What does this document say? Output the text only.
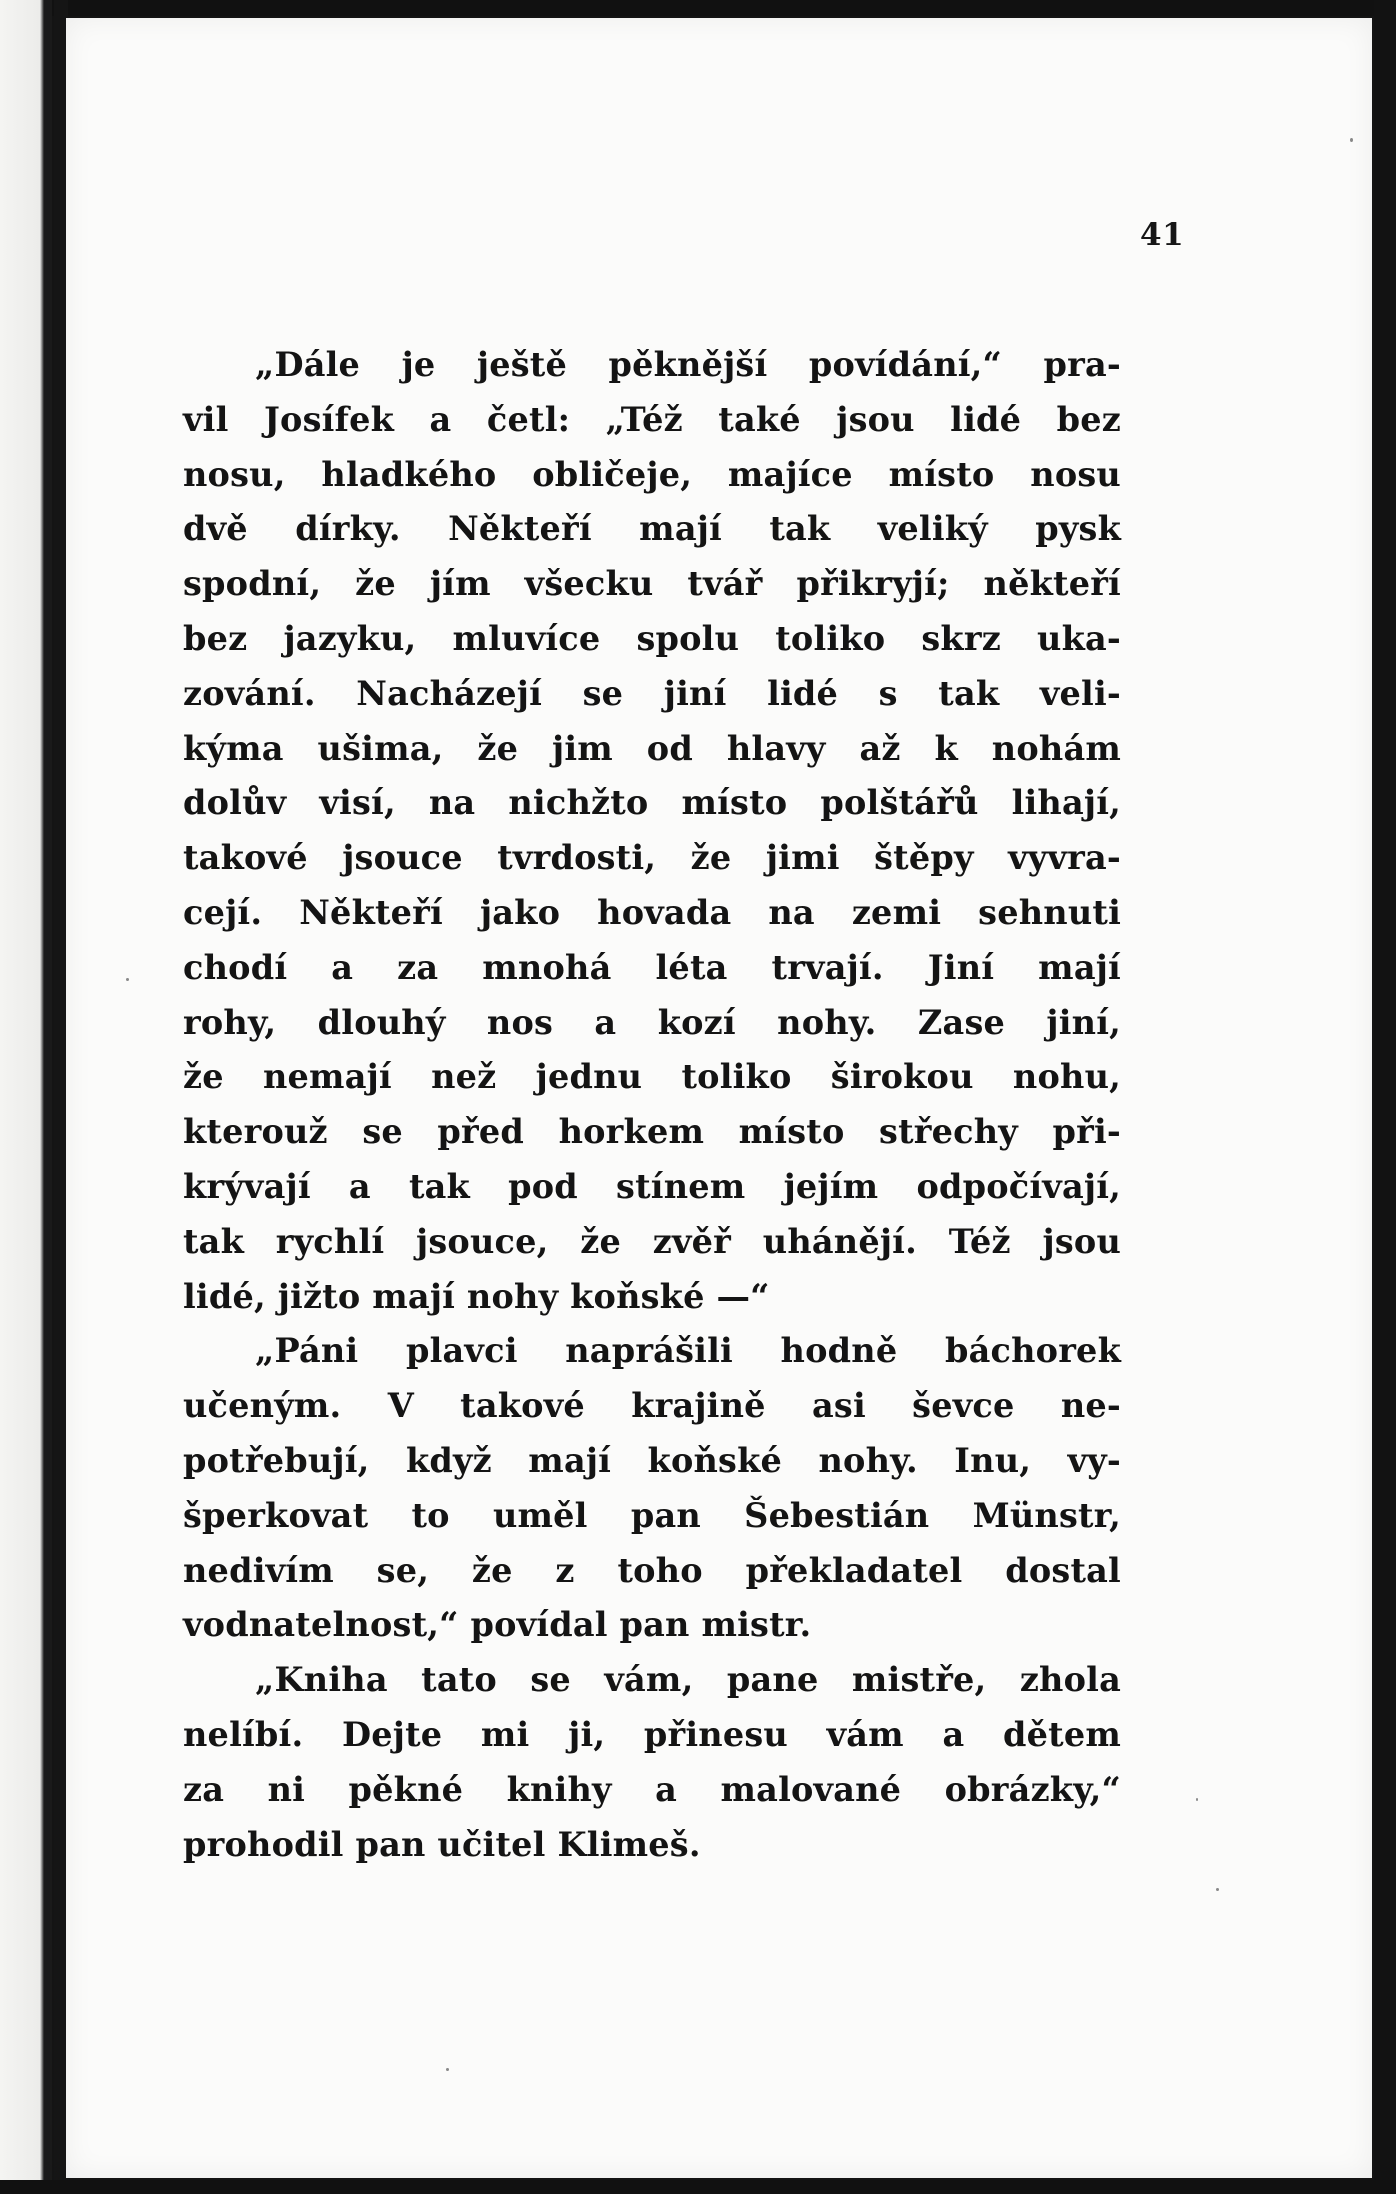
41
„Dále je ještě pěknější povídání,“ pra-
vil Josífek a četl: „Též také jsou lidé bez
nosu, hladkého obličeje, majíce místo nosu
dvě dírky. Někteří mají tak veliký pysk
spodní, že jím všecku tvář přikryjí; někteří
bez jazyku, mluvíce spolu toliko skrz uka-
zování. Nacházejí se jiní lidé s tak veli-
kýma ušima, že jim od hlavy až k nohám
dolův visí, na nichžto místo polštářů lihají,
takové jsouce tvrdosti, že jimi štěpy vyvra-
cejí. Někteří jako hovada na zemi sehnuti
chodí a za mnohá léta trvají. Jiní mají
rohy, dlouhý nos a kozí nohy. Zase jiní,
že nemají než jednu toliko širokou nohu,
kterouž se před horkem místo střechy při-
krývají a tak pod stínem jejím odpočívají,
tak rychlí jsouce, že zvěř uhánějí. Též jsou
lidé, jižto mají nohy koňské —“
„Páni plavci naprášili hodně báchorek
učeným. V takové krajině asi ševce ne-
potřebují, když mají koňské nohy. Inu, vy-
šperkovat to uměl pan Šebestián Münstr,
nedivím se, že z toho překladatel dostal
vodnatelnost,“ povídal pan mistr.
„Kniha tato se vám, pane mistře, zhola
nelíbí. Dejte mi ji, přinesu vám a dětem
za ni pěkné knihy a malované obrázky,“
prohodil pan učitel Klimeš.
